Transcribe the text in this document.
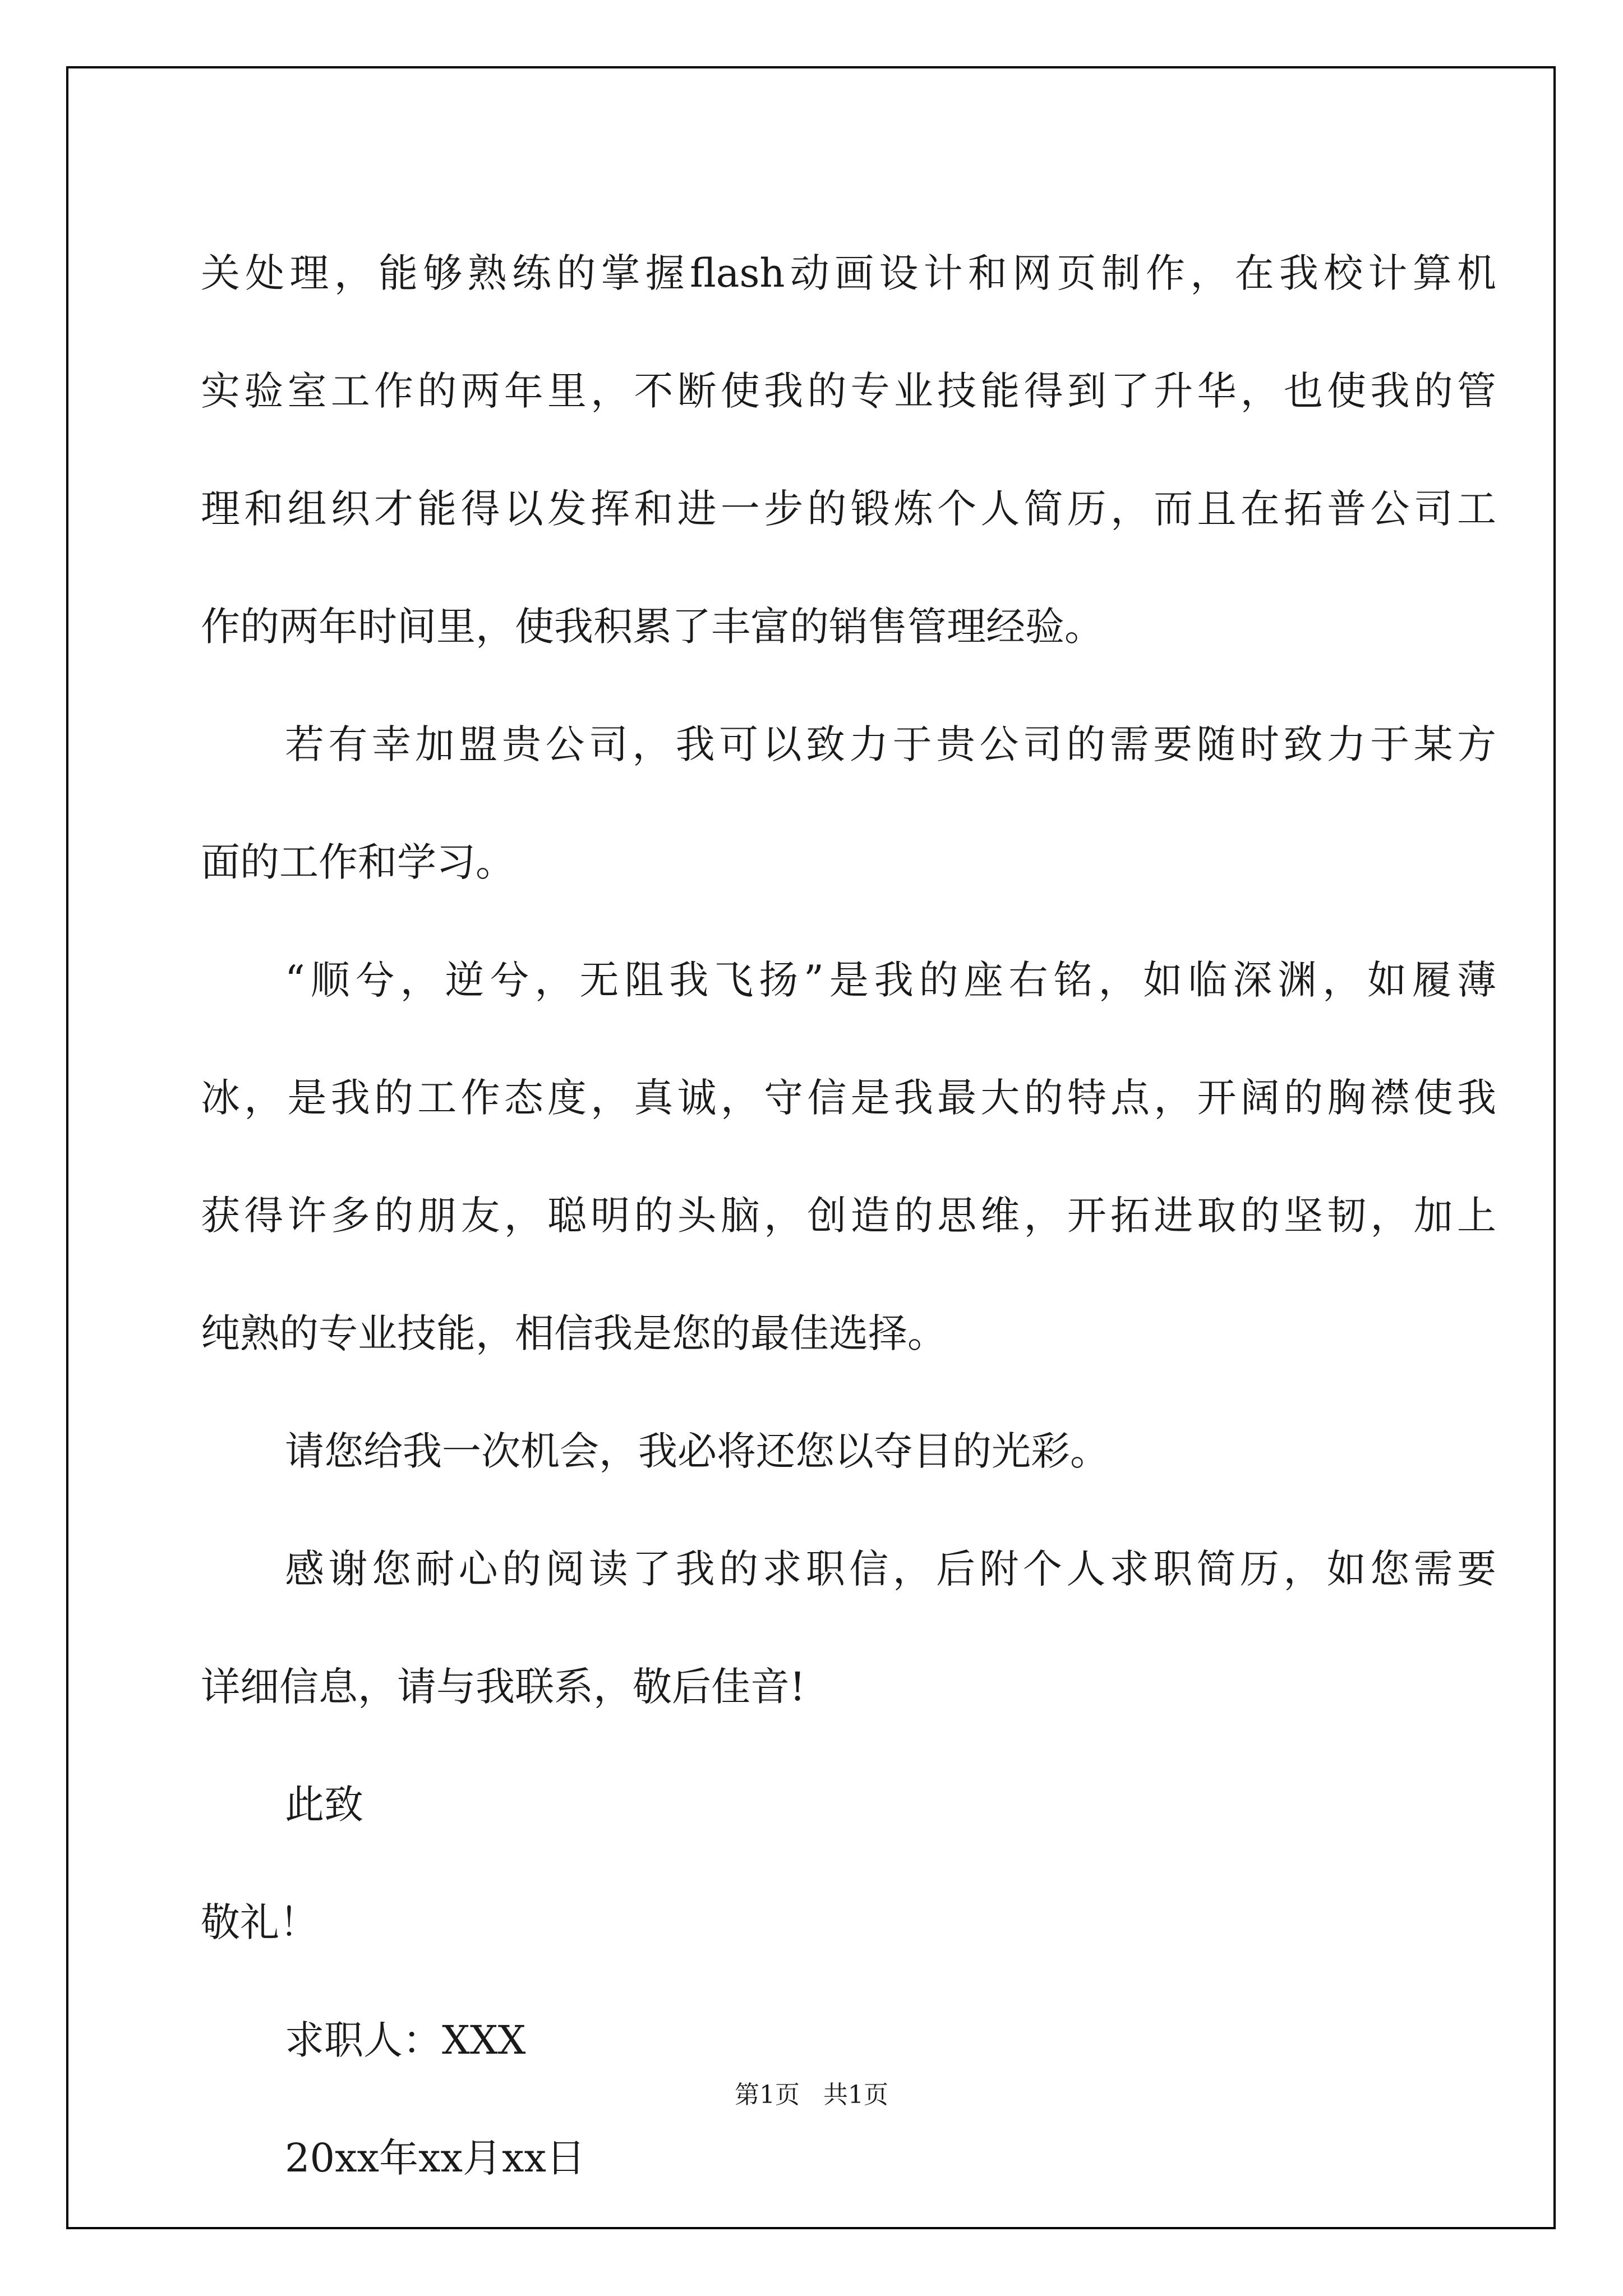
关处理，能够熟练的掌握flash动画设计和网页制作，在我校计算机
实验室工作的两年里，不断使我的专业技能得到了升华，也使我的管
理和组织才能得以发挥和进一步的锻炼个人简历，而且在拓普公司工
作的两年时间里，使我积累了丰富的销售管理经验。
若有幸加盟贵公司，我可以致力于贵公司的需要随时致力于某方
面的工作和学习。
“顺兮，逆兮，无阻我飞扬”是我的座右铭，如临深渊，如履薄
冰，是我的工作态度，真诚，守信是我最大的特点，开阔的胸襟使我
获得许多的朋友，聪明的头脑，创造的思维，开拓进取的坚韧，加上
纯熟的专业技能，相信我是您的最佳选择。
请您给我一次机会，我必将还您以夺目的光彩。
感谢您耐心的阅读了我的求职信，后附个人求职简历，如您需要
详细信息，请与我联系，敬后佳音!
此致
敬礼！
求职人：XXX
20xx年xx月xx日
第1页   共1页
